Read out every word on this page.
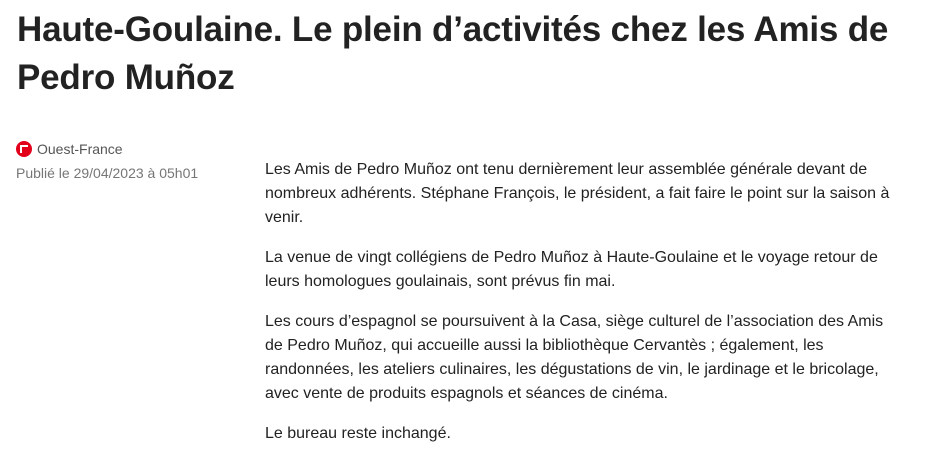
Haute-Goulaine. Le plein d’activités chez les Amis de Pedro Muñoz
Ouest-France
Publié le 29/04/2023 à 05h01	Les Amis de Pedro Muñoz ont tenu dernièrement leur assemblée générale devant de nombreux adhérents. Stéphane François, le président, a fait faire le point sur la saison à venir.

La venue de vingt collégiens de Pedro Muñoz à Haute-Goulaine et le voyage retour de leurs homologues goulainais, sont prévus fin mai.

Les cours d’espagnol se poursuivent à la Casa, siège culturel de l’association des Amis de Pedro Muñoz, qui accueille aussi la bibliothèque Cervantès ; également, les randonnées, les ateliers culinaires, les dégustations de vin, le jardinage et le bricolage, avec vente de produits espagnols et séances de cinéma.

Le bureau reste inchangé.
